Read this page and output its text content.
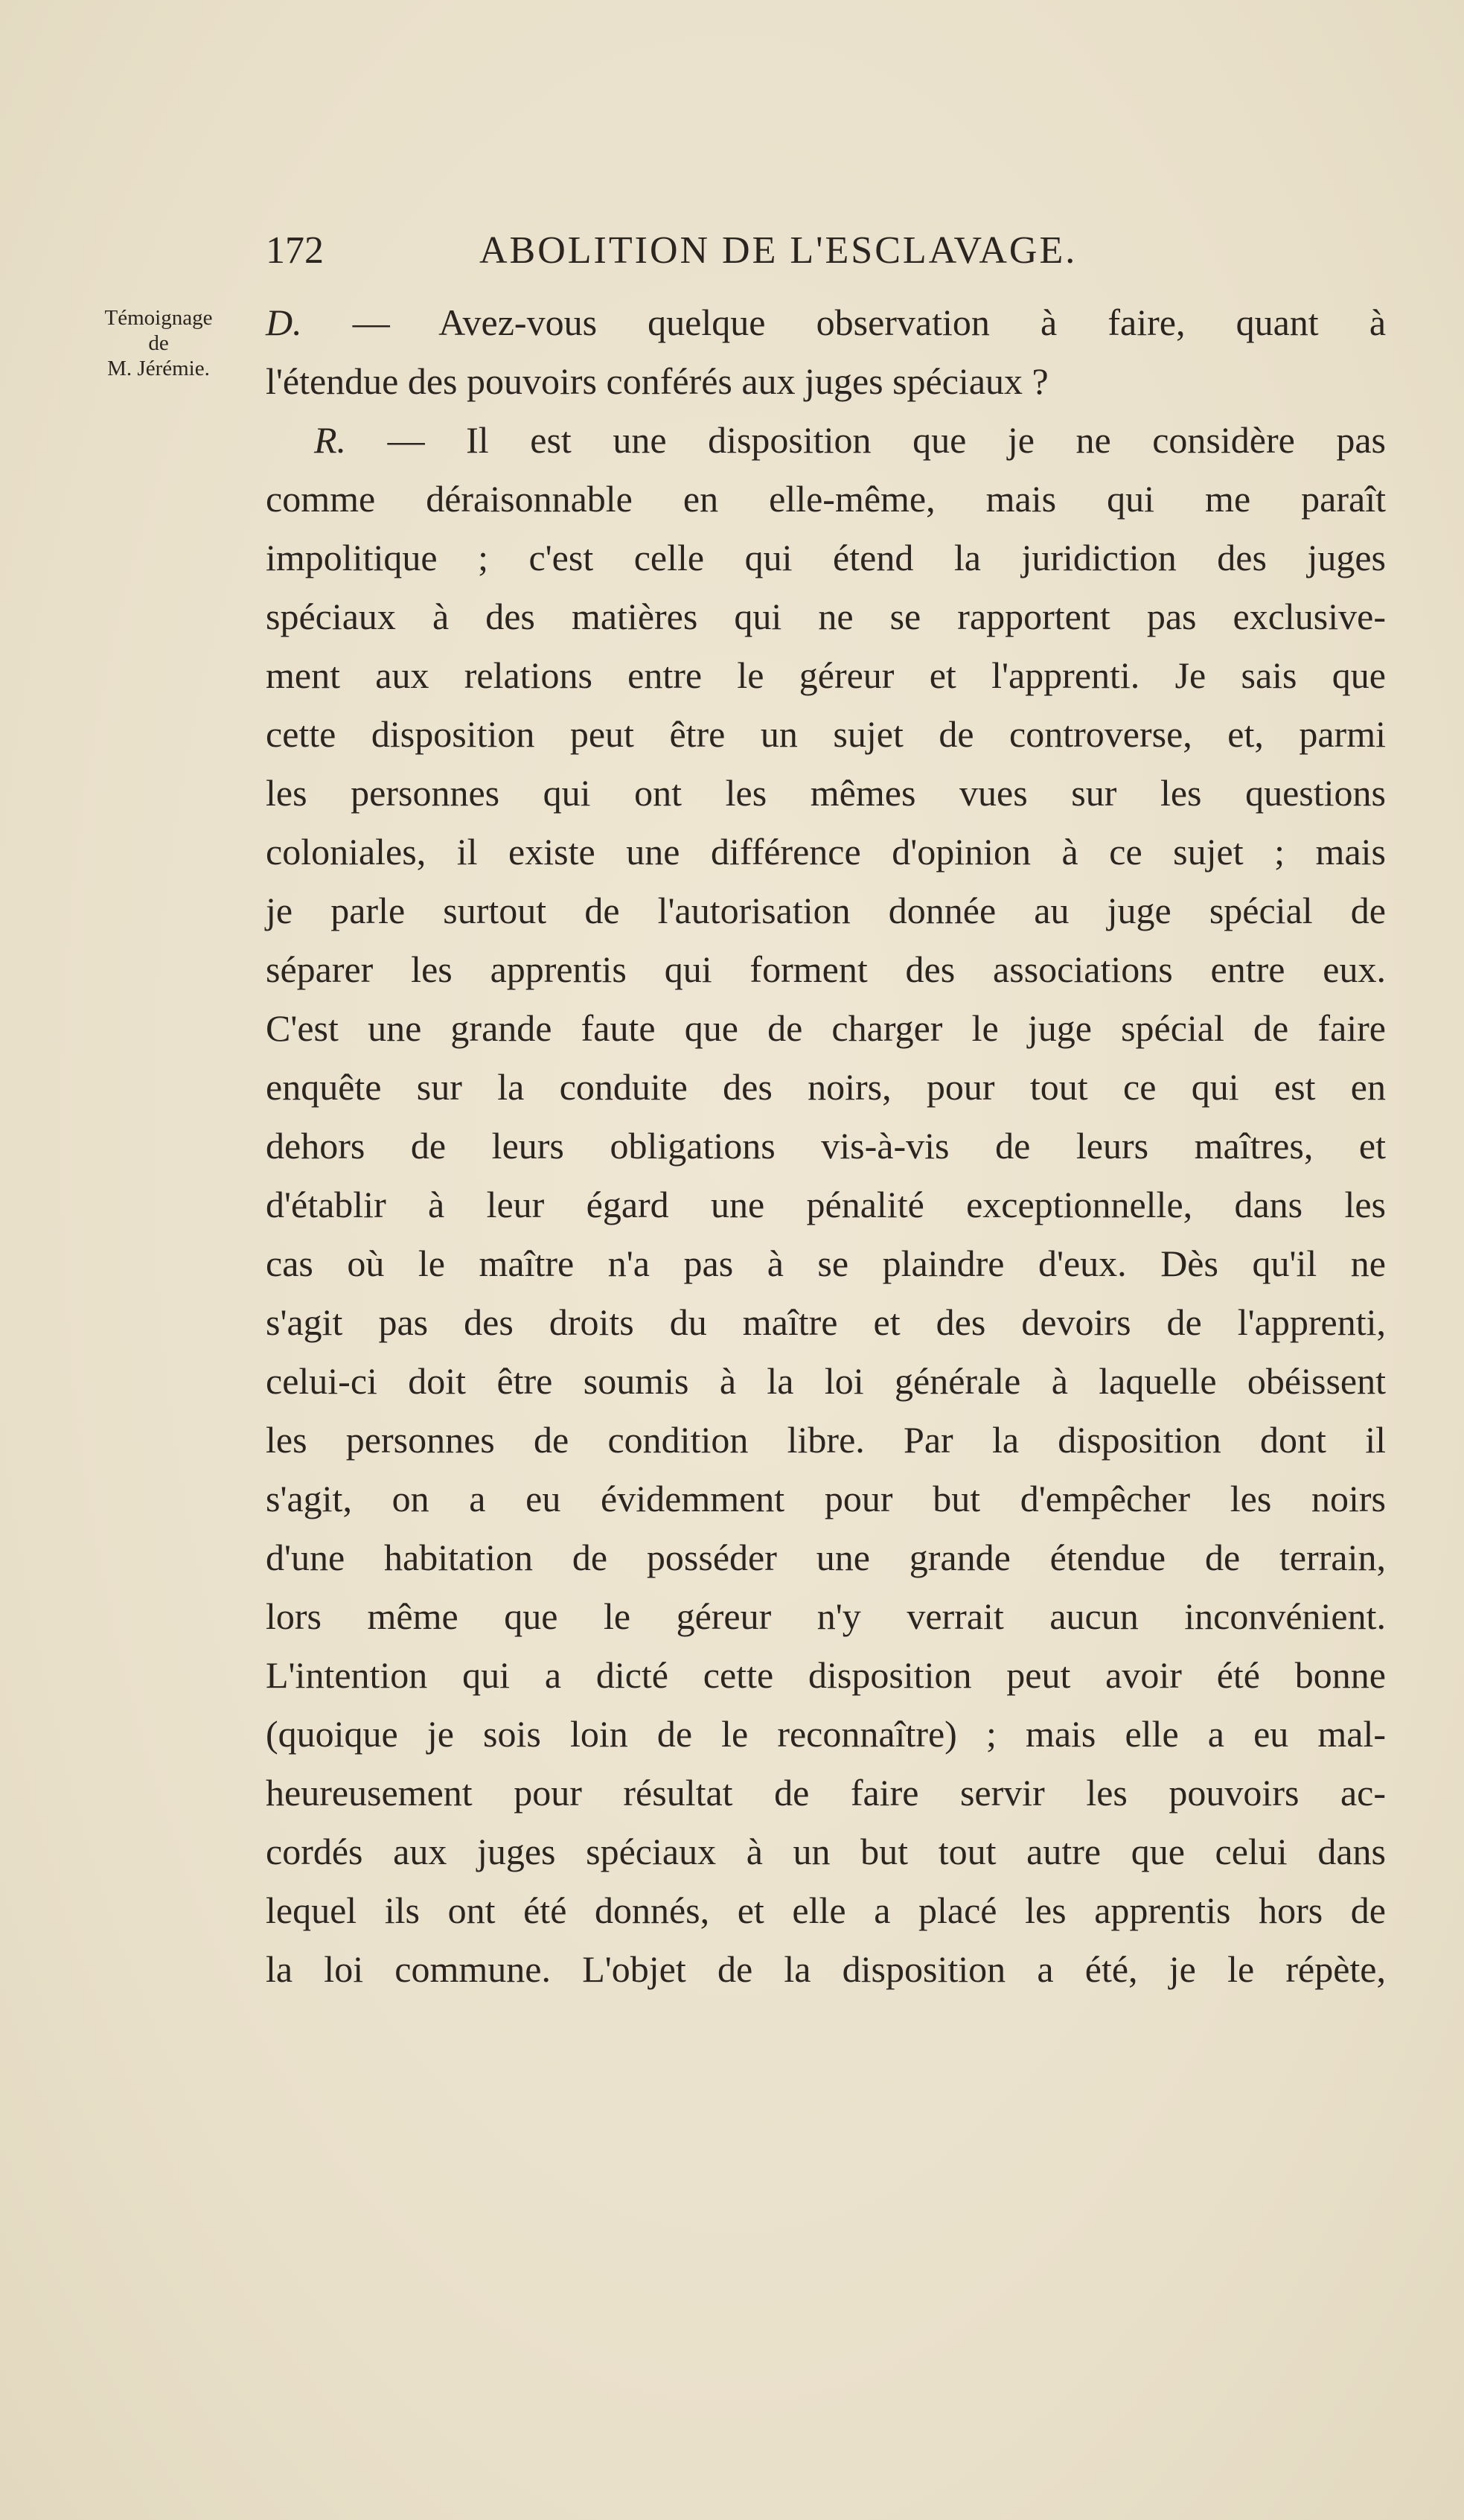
Témoignage
de
M. Jérémie.
172	ABOLITION DE L'ESCLAVAGE.
D. — Avez-vous quelque observation à faire, quant à
l'étendue des pouvoirs conférés aux juges spéciaux ?
R. — Il est une disposition que je ne considère pas
comme déraisonnable en elle-même, mais qui me paraît
impolitique ; c'est celle qui étend la juridiction des juges
spéciaux à des matières qui ne se rapportent pas exclusive-
ment aux relations entre le géreur et l'apprenti. Je sais que
cette disposition peut être un sujet de controverse, et, parmi
les personnes qui ont les mêmes vues sur les questions
coloniales, il existe une différence d'opinion à ce sujet ; mais
je parle surtout de l'autorisation donnée au juge spécial de
séparer les apprentis qui forment des associations entre eux.
C'est une grande faute que de charger le juge spécial de faire
enquête sur la conduite des noirs, pour tout ce qui est en
dehors de leurs obligations vis-à-vis de leurs maîtres, et
d'établir à leur égard une pénalité exceptionnelle, dans les
cas où le maître n'a pas à se plaindre d'eux. Dès qu'il ne
s'agit pas des droits du maître et des devoirs de l'apprenti,
celui-ci doit être soumis à la loi générale à laquelle obéissent
les personnes de condition libre. Par la disposition dont il
s'agit, on a eu évidemment pour but d'empêcher les noirs
d'une habitation de posséder une grande étendue de terrain,
lors même que le géreur n'y verrait aucun inconvénient.
L'intention qui a dicté cette disposition peut avoir été bonne
(quoique je sois loin de le reconnaître) ; mais elle a eu mal-
heureusement pour résultat de faire servir les pouvoirs ac-
cordés aux juges spéciaux à un but tout autre que celui dans
lequel ils ont été donnés, et elle a placé les apprentis hors de
la loi commune. L'objet de la disposition a été, je le répète,
